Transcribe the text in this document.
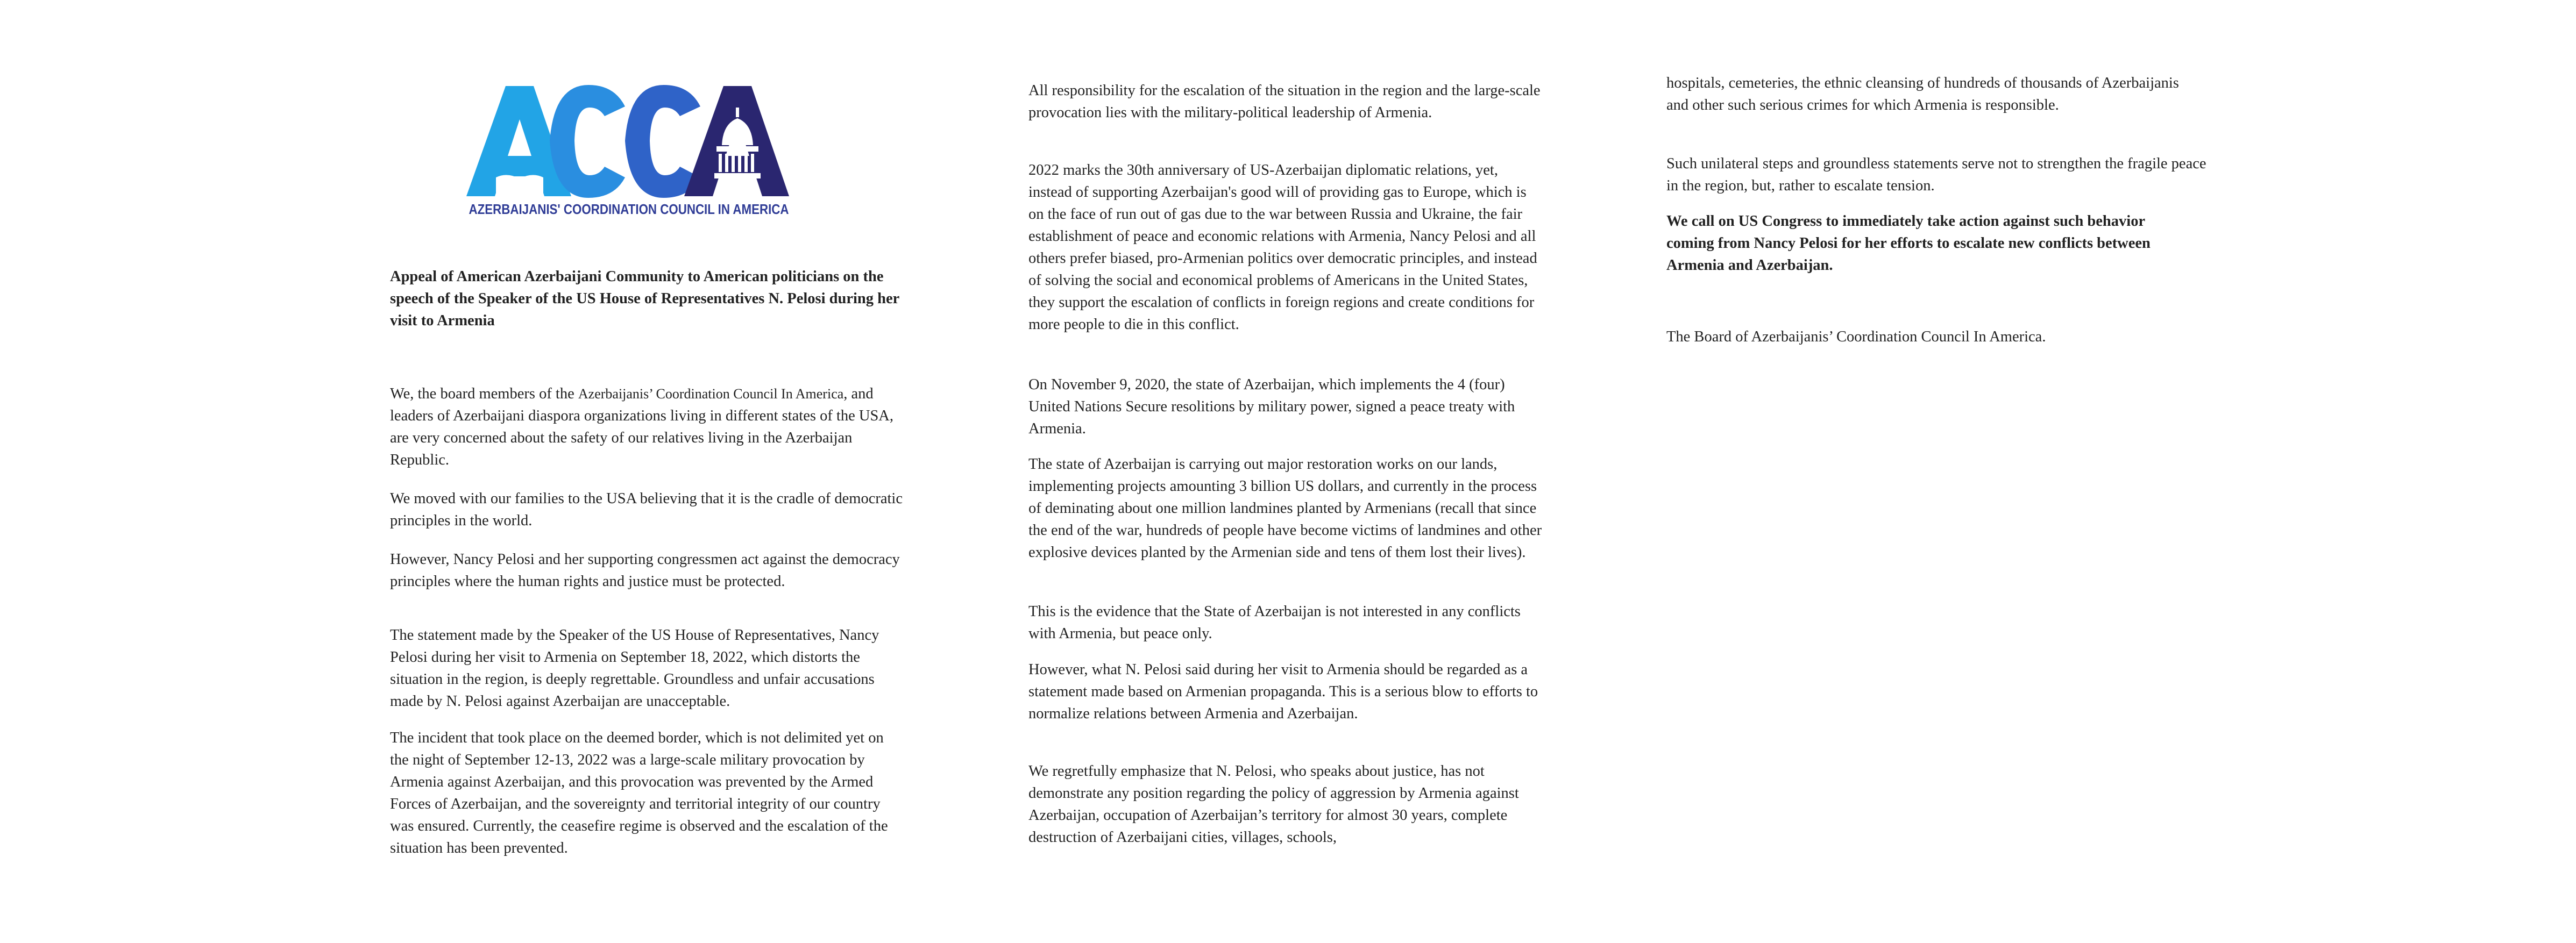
AZERBAIJANIS' COORDINATION COUNCIL IN AMERICA

Appeal of American Azerbaijani Community to American politicians on the speech of the Speaker of the US House of Representatives N. Pelosi during her visit to Armenia

We, the board members of the Azerbaijanis’ Coordination Council In America, and leaders of Azerbaijani diaspora organizations living in different states of the USA, are very concerned about the safety of our relatives living in the Azerbaijan Republic.

We moved with our families to the USA believing that it is the cradle of democratic principles in the world.

However, Nancy Pelosi and her supporting congressmen act against the democracy principles where the human rights and justice must be protected.

The statement made by the Speaker of the US House of Representatives, Nancy Pelosi during her visit to Armenia on September 18, 2022, which distorts the situation in the region, is deeply regrettable. Groundless and unfair accusations made by N. Pelosi against Azerbaijan are unacceptable.

The incident that took place on the deemed border, which is not delimited yet on the night of September 12-13, 2022 was a large-scale military provocation by Armenia against Azerbaijan, and this provocation was prevented by the Armed Forces of Azerbaijan, and the sovereignty and territorial integrity of our country was ensured. Currently, the ceasefire regime is observed and the escalation of the situation has been prevented.

All responsibility for the escalation of the situation in the region and the large-scale provocation lies with the military-political leadership of Armenia.

2022 marks the 30th anniversary of US-Azerbaijan diplomatic relations, yet, instead of supporting Azerbaijan's good will of providing gas to Europe, which is on the face of run out of gas due to the war between Russia and Ukraine, the fair establishment of peace and economic relations with Armenia, Nancy Pelosi and all others prefer biased, pro-Armenian politics over democratic principles, and instead of solving the social and economical problems of Americans in the United States, they support the escalation of conflicts in foreign regions and create conditions for more people to die in this conflict.

On November 9, 2020, the state of Azerbaijan, which implements the 4 (four) United Nations Secure resolitions by military power, signed a peace treaty with Armenia.

The state of Azerbaijan is carrying out major restoration works on our lands, implementing projects amounting 3 billion US dollars, and currently in the process of deminating about one million landmines planted by Armenians (recall that since the end of the war, hundreds of people have become victims of landmines and other explosive devices planted by the Armenian side and tens of them lost their lives).

This is the evidence that the State of Azerbaijan is not interested in any conflicts with Armenia, but peace only.

However, what N. Pelosi said during her visit to Armenia should be regarded as a statement made based on Armenian propaganda. This is a serious blow to efforts to normalize relations between Armenia and Azerbaijan.

We regretfully emphasize that N. Pelosi, who speaks about justice, has not demonstrate any position regarding the policy of aggression by Armenia against Azerbaijan, occupation of Azerbaijan’s territory for almost 30 years, complete destruction of Azerbaijani cities, villages, schools,

hospitals, cemeteries, the ethnic cleansing of hundreds of thousands of Azerbaijanis and other such serious crimes for which Armenia is responsible.

Such unilateral steps and groundless statements serve not to strengthen the fragile peace in the region, but, rather to escalate tension.

We call on US Congress to immediately take action against such behavior coming from Nancy Pelosi for her efforts to escalate new conflicts between Armenia and Azerbaijan.

The Board of Azerbaijanis’ Coordination Council In America.
